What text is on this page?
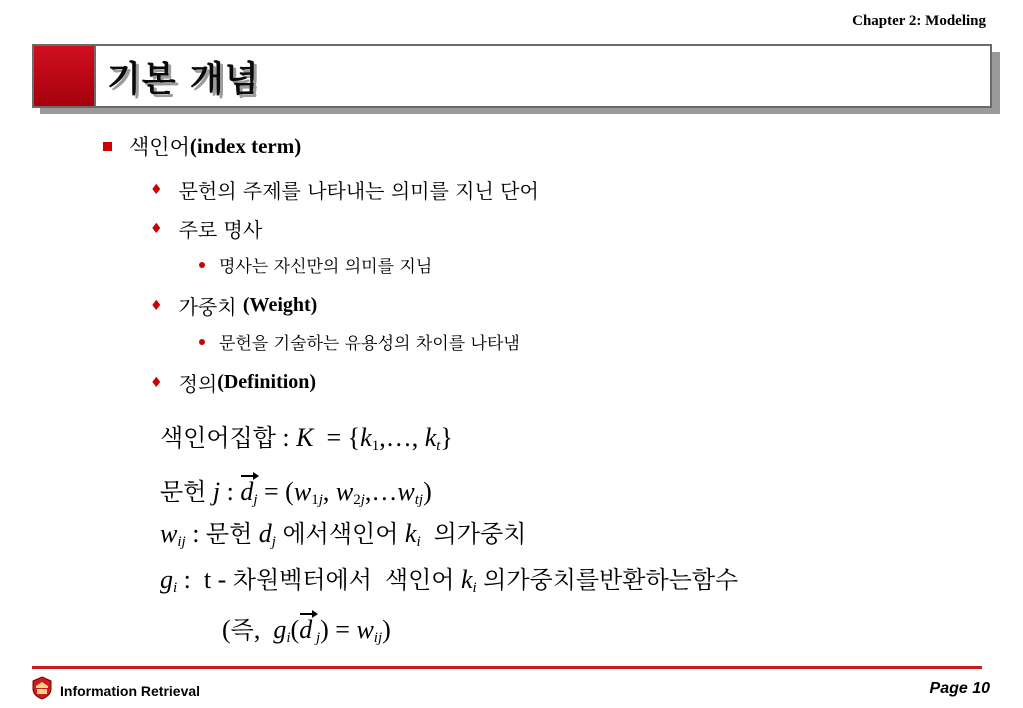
Chapter 2: Modeling
기본 개념
색인어 (index term)
♦ 문헌의 주제를 나타내는 의미를 지닌 단어
♦ 주로 명사
명사는 자신만의 의미를 지님
♦ 가중치
(Weight)
문헌을 기술하는 유용성의 차이를 나타냄
♦ 정의 (Definition)
색인어집합 : $K = \{k_1,\dots$, $k_t$}
문헌 j : $d_j = (w_{1j}$, $w_{2j},\dots w_{tj}$)
$w_{ij}$ : 문헌 $d_j$ 에서색인어 $k_i$ 의가중치
$g_i$ :  t - 차원벡터에서 색인어 $k_i$ 의가중치를반환하는함수
(즉,  $g_i(d$ $_j) = w_{ij}$)
Information Retrieval	Page 10
